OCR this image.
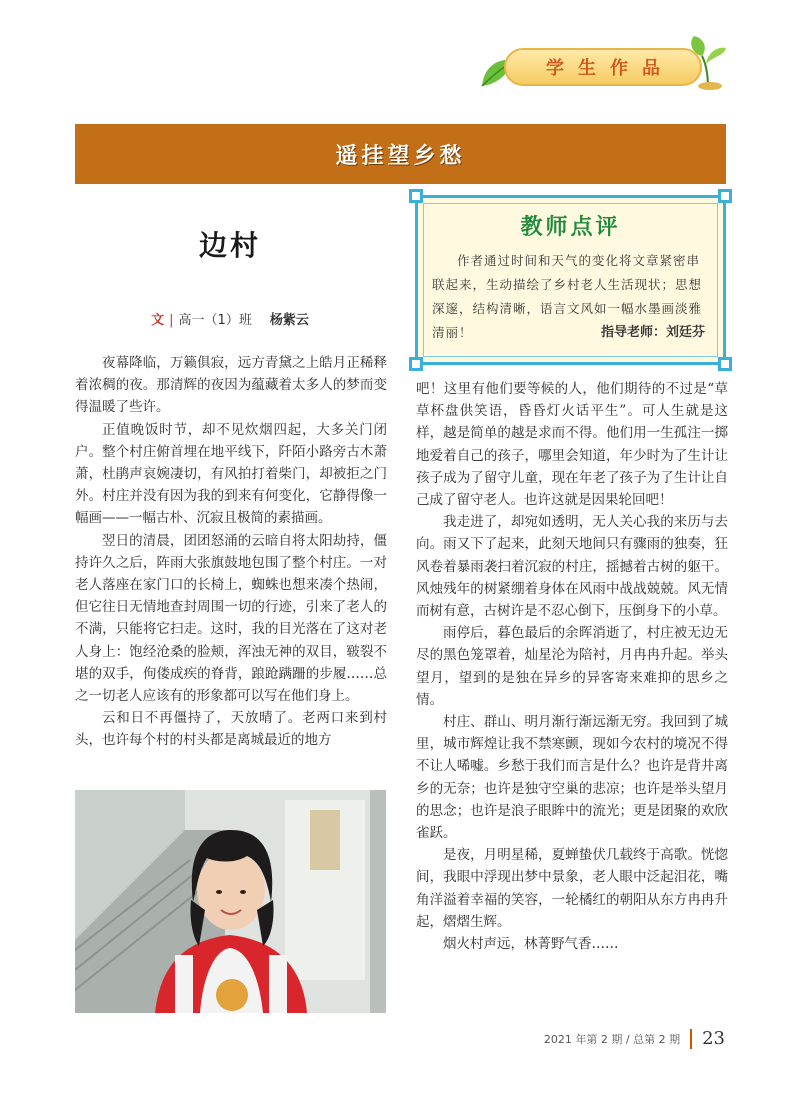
学生作品
遥挂望乡愁
边村
文 | 高一（1）班 杨紫云
教师点评
作者通过时间和天气的变化将文章紧密串联起来，生动描绘了乡村老人生活现状；思想深邃，结构清晰，语言文风如一幅水墨画淡雅清丽！	指导老师：刘廷芬

夜幕降临，万籁俱寂，远方青黛之上皓月正稀释着浓稠的夜。那清辉的夜因为蕴藏着太多人的梦而变得温暖了些许。

正值晚饭时节，却不见炊烟四起，大多关门闭户。整个村庄俯首埋在地平线下，阡陌小路旁古木萧萧，杜鹃声哀婉凄切，有风拍打着柴门，却被拒之门外。村庄并没有因为我的到来有何变化，它静得像一幅画——一幅古朴、沉寂且极简的素描画。

翌日的清晨，团团怒涌的云暗自将太阳劫持，僵持许久之后，阵雨大张旗鼓地包围了整个村庄。一对老人落座在家门口的长椅上，蜘蛛也想来凑个热闹，但它往日无情地查封周围一切的行迹，引来了老人的不满，只能将它扫走。这时，我的目光落在了这对老人身上：饱经沧桑的脸颊，浑浊无神的双目，皲裂不堪的双手，佝偻成疾的脊背，踉跄蹒跚的步履……总之一切老人应该有的形象都可以写在他们身上。

云和日不再僵持了，天放晴了。老两口来到村头，也许每个村的村头都是离城最近的地方

吧！这里有他们要等候的人，他们期待的不过是“草草杯盘供笑语，昏昏灯火话平生”。可人生就是这样，越是简单的越是求而不得。他们用一生孤注一掷地爱着自己的孩子，哪里会知道，年少时为了生计让孩子成为了留守儿童，现在年老了孩子为了生计让自己成了留守老人。也许这就是因果轮回吧！

我走进了，却宛如透明，无人关心我的来历与去向。雨又下了起来，此刻天地间只有骤雨的独奏，狂风卷着暴雨袭扫着沉寂的村庄，摇撼着古树的躯干。风烛残年的树紧绷着身体在风雨中战战兢兢。风无情而树有意，古树许是不忍心倒下，压倒身下的小草。

雨停后，暮色最后的余晖消逝了，村庄被无边无尽的黑色笼罩着，灿星沦为陪衬，月冉冉升起。举头望月，望到的是独在异乡的异客寄来难抑的思乡之情。

村庄、群山、明月渐行渐远渐无穷。我回到了城里，城市辉煌让我不禁寒颤，现如今农村的境况不得不让人唏嘘。乡愁于我们而言是什么？也许是背井离乡的无奈；也许是独守空巢的悲凉；也许是举头望月的思念；也许是浪子眼眸中的流光；更是团聚的欢欣雀跃。

是夜，月明星稀，夏蝉蛰伏几载终于高歌。恍惚间，我眼中浮现出梦中景象，老人眼中泛起泪花，嘴角洋溢着幸福的笑容，一轮橘红的朝阳从东方冉冉升起，熠熠生辉。

烟火村声远，林菁野气香……

2021 年第 2 期 / 总第 2 期 23
